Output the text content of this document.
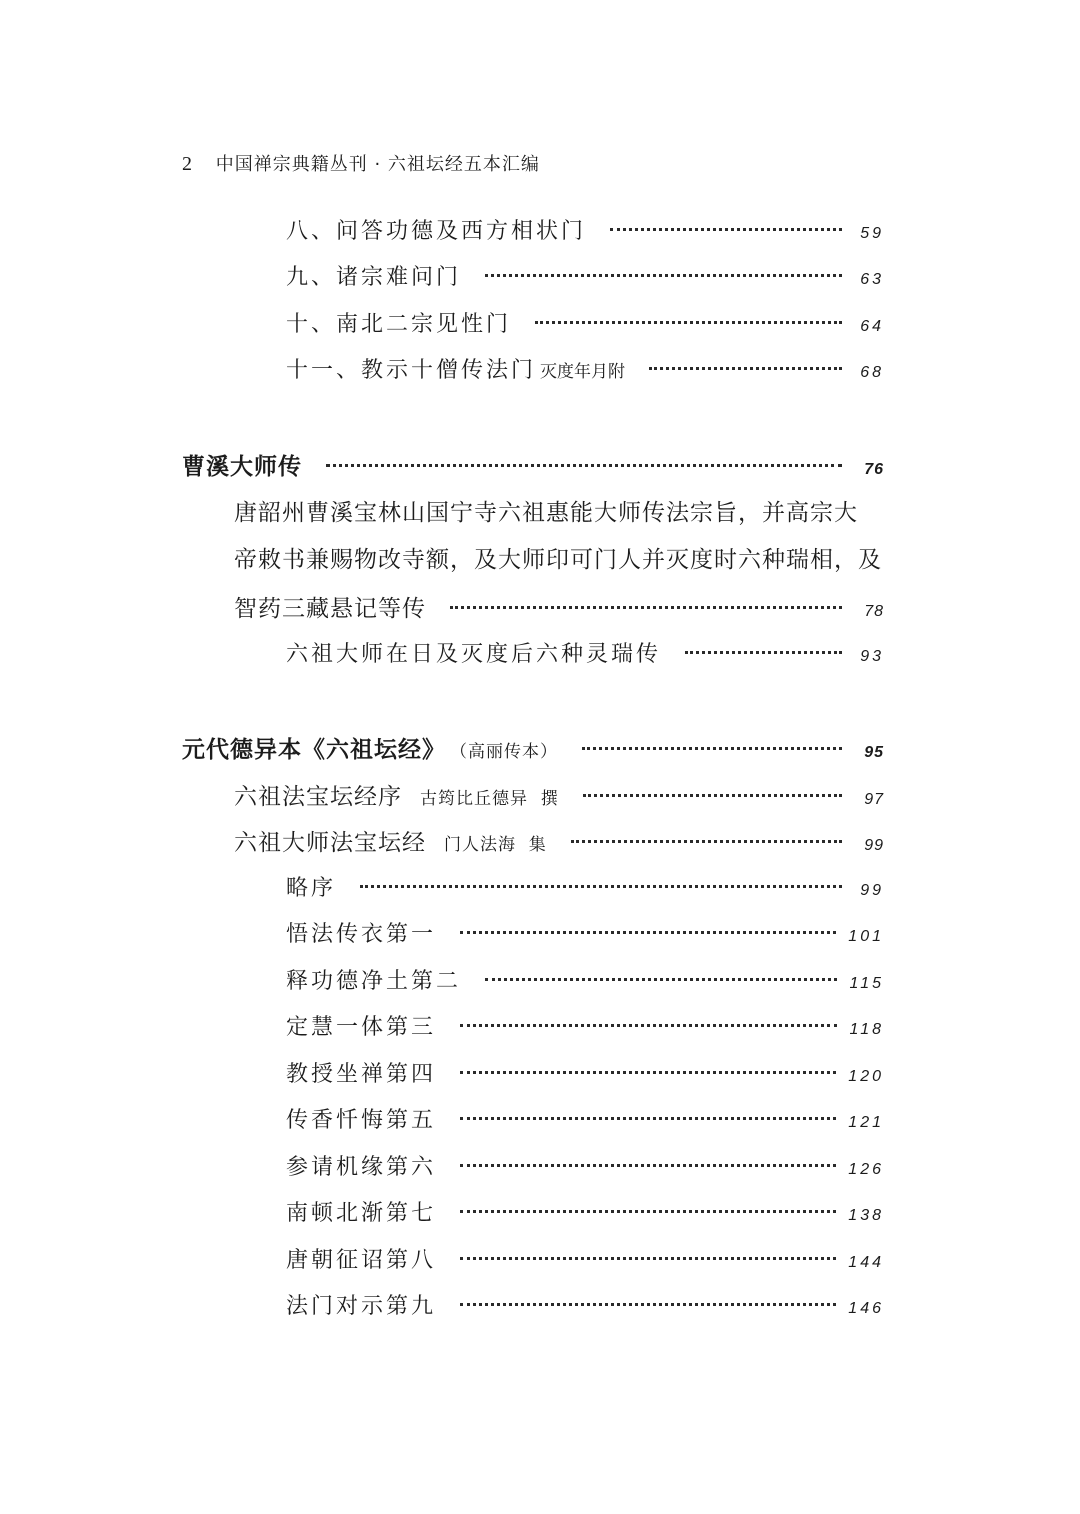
2 中国禅宗典籍丛刊 · 六祖坛经五本汇编
八、问答功德及西方相状门	59
九、诸宗难问门	63
十、南北二宗见性门	64
十一、教示十僧传法门 灭度年月附	68
曹溪大师传	76

唐韶州曹溪宝林山国宁寺六祖惠能大师传法宗旨，并高宗大
帝敕书兼赐物改寺额，及大师印可门人并灭度时六种瑞相，及

智药三藏悬记等传	78
六祖大师在日及灭度后六种灵瑞传	93
元代德异本《六祖坛经》 （高丽传本）	95
六祖法宝坛经序 古筠比丘德异  撰	97
六祖大师法宝坛经 门人法海  集	99
略序	99
悟法传衣第一	101
释功德净土第二	115
定慧一体第三	118
教授坐禅第四	120
传香忏悔第五	121
参请机缘第六	126
南顿北渐第七	138
唐朝征诏第八	144
法门对示第九	146
